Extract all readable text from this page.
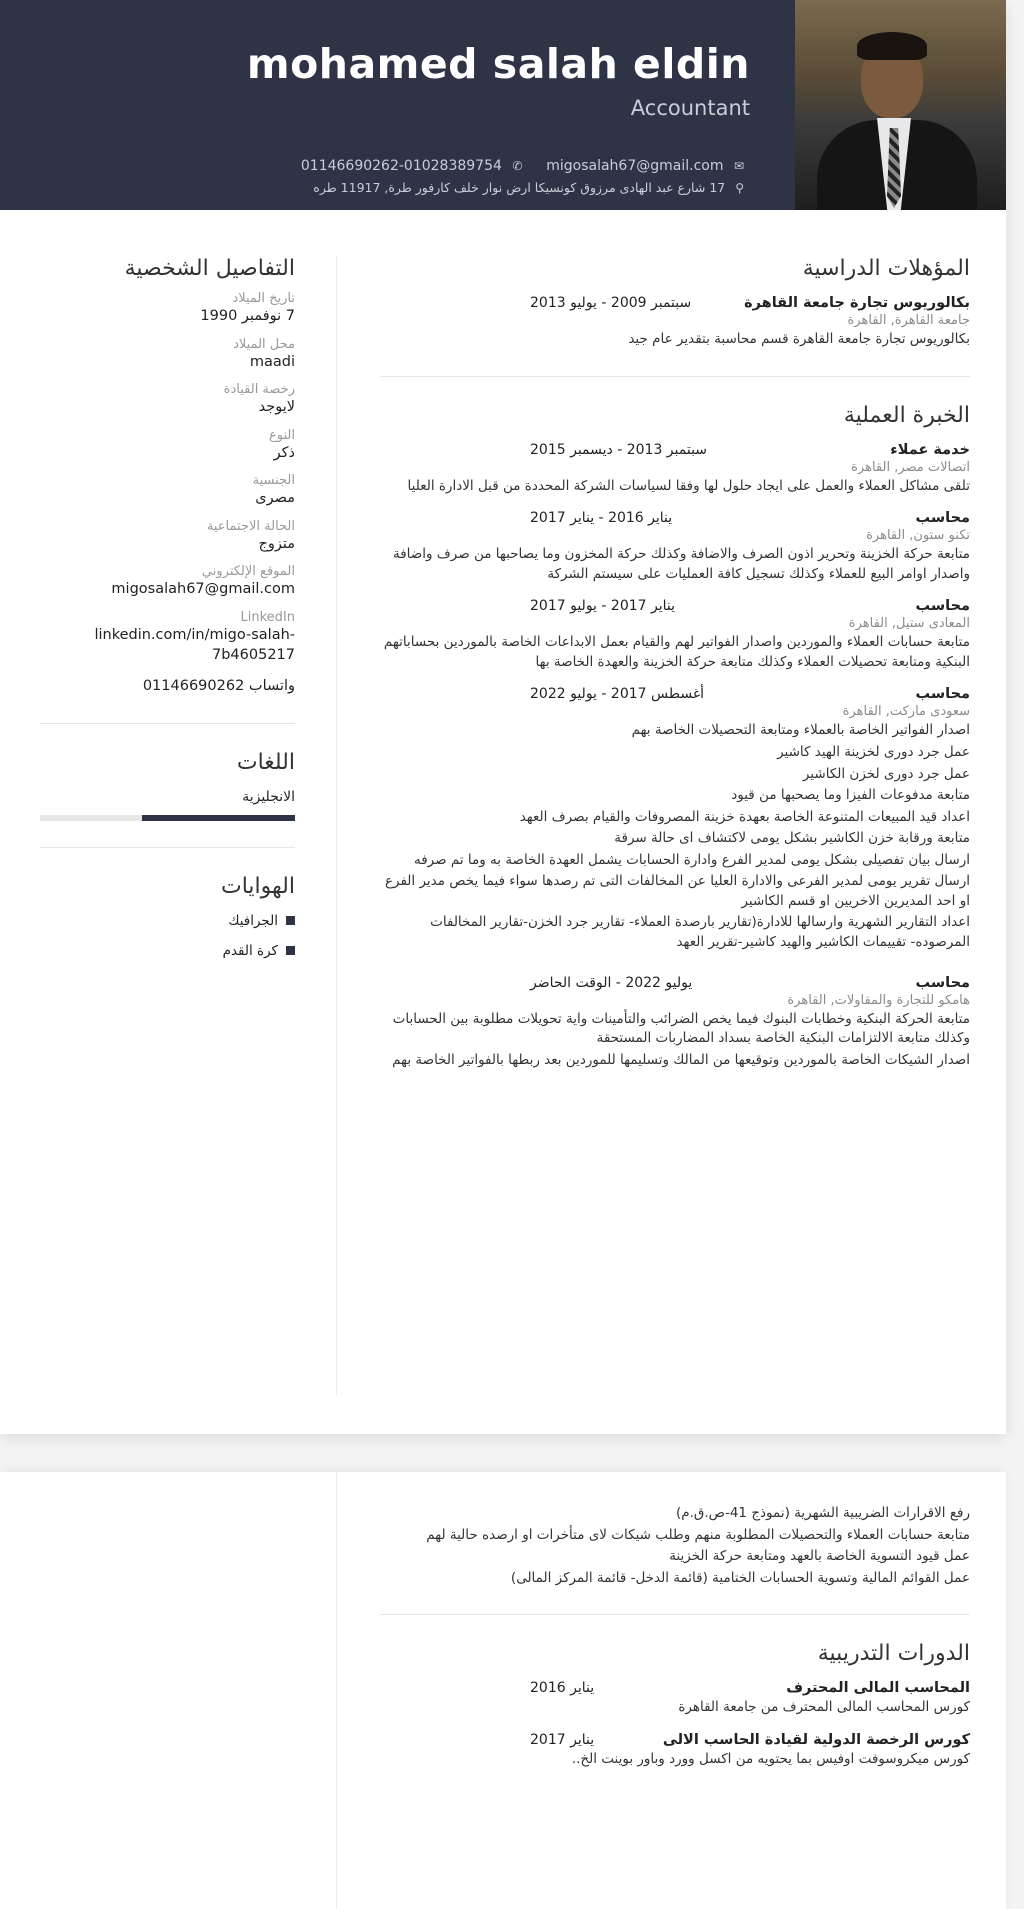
mohamed salah eldin
Accountant
01146690262-01028389754 ✆ migosalah67@gmail.com ✉
⚲ 17 شارع عبد الهادى مرزوق كونسيكا ارض نوار خلف كارفور طرة, 11917 طره
المؤهلات الدراسية
بكالوريوس تجارة جامعة القاهرة
سبتمبر 2009 - يوليو 2013
جامعة القاهرة, القاهرة
بكالوريوس تجارة جامعة القاهرة قسم محاسبة بتقدير عام جيد
الخبرة العملية
خدمة عملاء
سبتمبر 2013 - ديسمبر 2015
اتصالات مصر, القاهرة
تلقى مشاكل العملاء والعمل على ايجاد حلول لها وفقا لسياسات الشركة المحددة من قبل الادارة العليا
محاسب
يناير 2016 - يناير 2017
تكنو ستون, القاهرة
متابعة حركة الخزينة وتحرير اذون الصرف والاضافة وكذلك حركة المخزون وما يصاحبها من صرف واضافة واصدار اوامر البيع للعملاء وكذلك تسجيل كافة العمليات على سيستم الشركة
محاسب
يناير 2017 - يوليو 2017
المعادى ستيل, القاهرة
متابعة حسابات العملاء والموردين واصدار الفواتير لهم والقيام بعمل الابداعات الخاصة بالموردين بحساباتهم البنكية ومتابعة تحصيلات العملاء وكذلك متابعة حركة الخزينة والعهدة الخاصة بها
محاسب
أغسطس 2017 - يوليو 2022
سعودى ماركت, القاهرة
اصدار الفواتير الخاصة بالعملاء ومتابعة التحصيلات الخاصة بهم
عمل جرد دورى لخزينة الهيد كاشير
عمل جرد دورى لخزن الكاشير
متابعة مدفوعات الفيزا وما يصحبها من قيود
اعداد قيد المبيعات المتنوعة الخاصة بعهدة خزينة المصروفات والقيام بصرف العهد
متابعة ورقابة خزن الكاشير بشكل يومى لاكتشاف اى حالة سرقة
ارسال بيان تفصيلى بشكل يومى لمدير الفرع وادارة الحسابات يشمل العهدة الخاصة به وما تم صرفه
ارسال تقرير يومى لمدير الفرعى والادارة العليا عن المخالفات التى تم رصدها سواء فيما يخص مدير الفرع او احد المديرين الاخريين او قسم الكاشير
اعداد التقارير الشهرية وارسالها للادارة(تقارير بارصدة العملاء- تقارير جرد الخزن-تقارير المخالفات المرصوده- تقييمات الكاشير والهيد كاشير-تقرير العهد
محاسب
يوليو 2022 - الوقت الحاضر
هامكو للتجارة والمقاولات, القاهرة
متابعة الحركة البنكية وخطابات البنوك فيما يخص الضرائب والتأمينات واية تحويلات مطلوبة بين الحسابات وكذلك متابعة الالتزامات البنكية الخاصة بسداد المضاربات المستحقة
اصدار الشيكات الخاصة بالموردين وتوقيعها من المالك وتسليمها للموردين بعد ربطها بالفواتير الخاصة بهم
التفاصيل الشخصية
تاريخ الميلاد
7 نوفمبر 1990
محل الميلاد
maadi
رخصة القيادة
لايوجد
النوع
ذكر
الجنسية
مصرى
الحالة الاجتماعية
متزوج
الموقع الإلكتروني
migosalah67@gmail.com
LinkedIn
linkedin.com/in/migo-salah-7b4605217
واتساب 01146690262
اللغات
الانجليزية
الهوايات
الجرافيك
كرة القدم
رفع الاقرارات الضريبية الشهرية (نموذج 41-ص.ق.م)
متابعة حسابات العملاء والتحصيلات المطلوبة منهم وطلب شيكات لاى متأخرات او ارصده حالية لهم
عمل قيود التسوية الخاصة بالعهد ومتابعة حركة الخزينة
عمل القوائم المالية وتسوية الحسابات الختامية (قائمة الدخل- قائمة المركز المالى)
الدورات التدريبية
المحاسب المالى المحترف
يناير 2016
كورس المحاسب المالى المحترف من جامعة القاهرة
كورس الرخصة الدولية لقيادة الحاسب الالى
يناير 2017
كورس ميكروسوفت اوفيس بما يحتويه من اكسل وورد وباور بوينت الخ..
